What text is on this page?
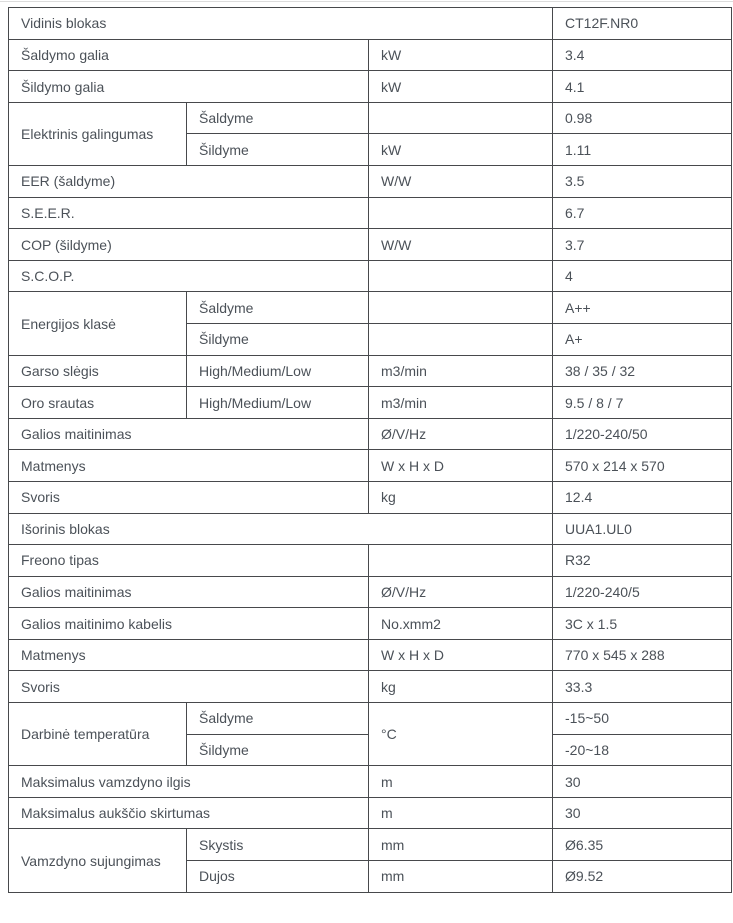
Vidinis blokas			CT12F.NR0
Šaldymo galia		kW	3.4
Šildymo galia		kW	4.1
Elektrinis galingumas	Šaldyme		0.98
	Šildyme	kW	1.11
EER (šaldyme)		W/W	3.5
S.E.E.R.			6.7
COP (šildyme)		W/W	3.7
S.C.O.P.			4
Energijos klasė	Šaldyme		A++
	Šildyme		A+
Garso slėgis	High/Medium/Low	m3/min	38 / 35 / 32
Oro srautas	High/Medium/Low	m3/min	9.5 / 8 / 7
Galios maitinimas		Ø/V/Hz	1/220-240/50
Matmenys		W x H x D	570 x 214 x 570
Svoris		kg	12.4
Išorinis blokas			UUA1.UL0
Freono tipas			R32
Galios maitinimas		Ø/V/Hz	1/220-240/5
Galios maitinimo kabelis		No.xmm2	3C x 1.5
Matmenys		W x H x D	770 x 545 x 288
Svoris		kg	33.3
Darbinė temperatūra	Šaldyme	°C	-15~50
	Šildyme		-20~18
Maksimalus vamzdyno ilgis		m	30
Maksimalus aukščio skirtumas		m	30
Vamzdyno sujungimas	Skystis	mm	Ø6.35
	Dujos	mm	Ø9.52
